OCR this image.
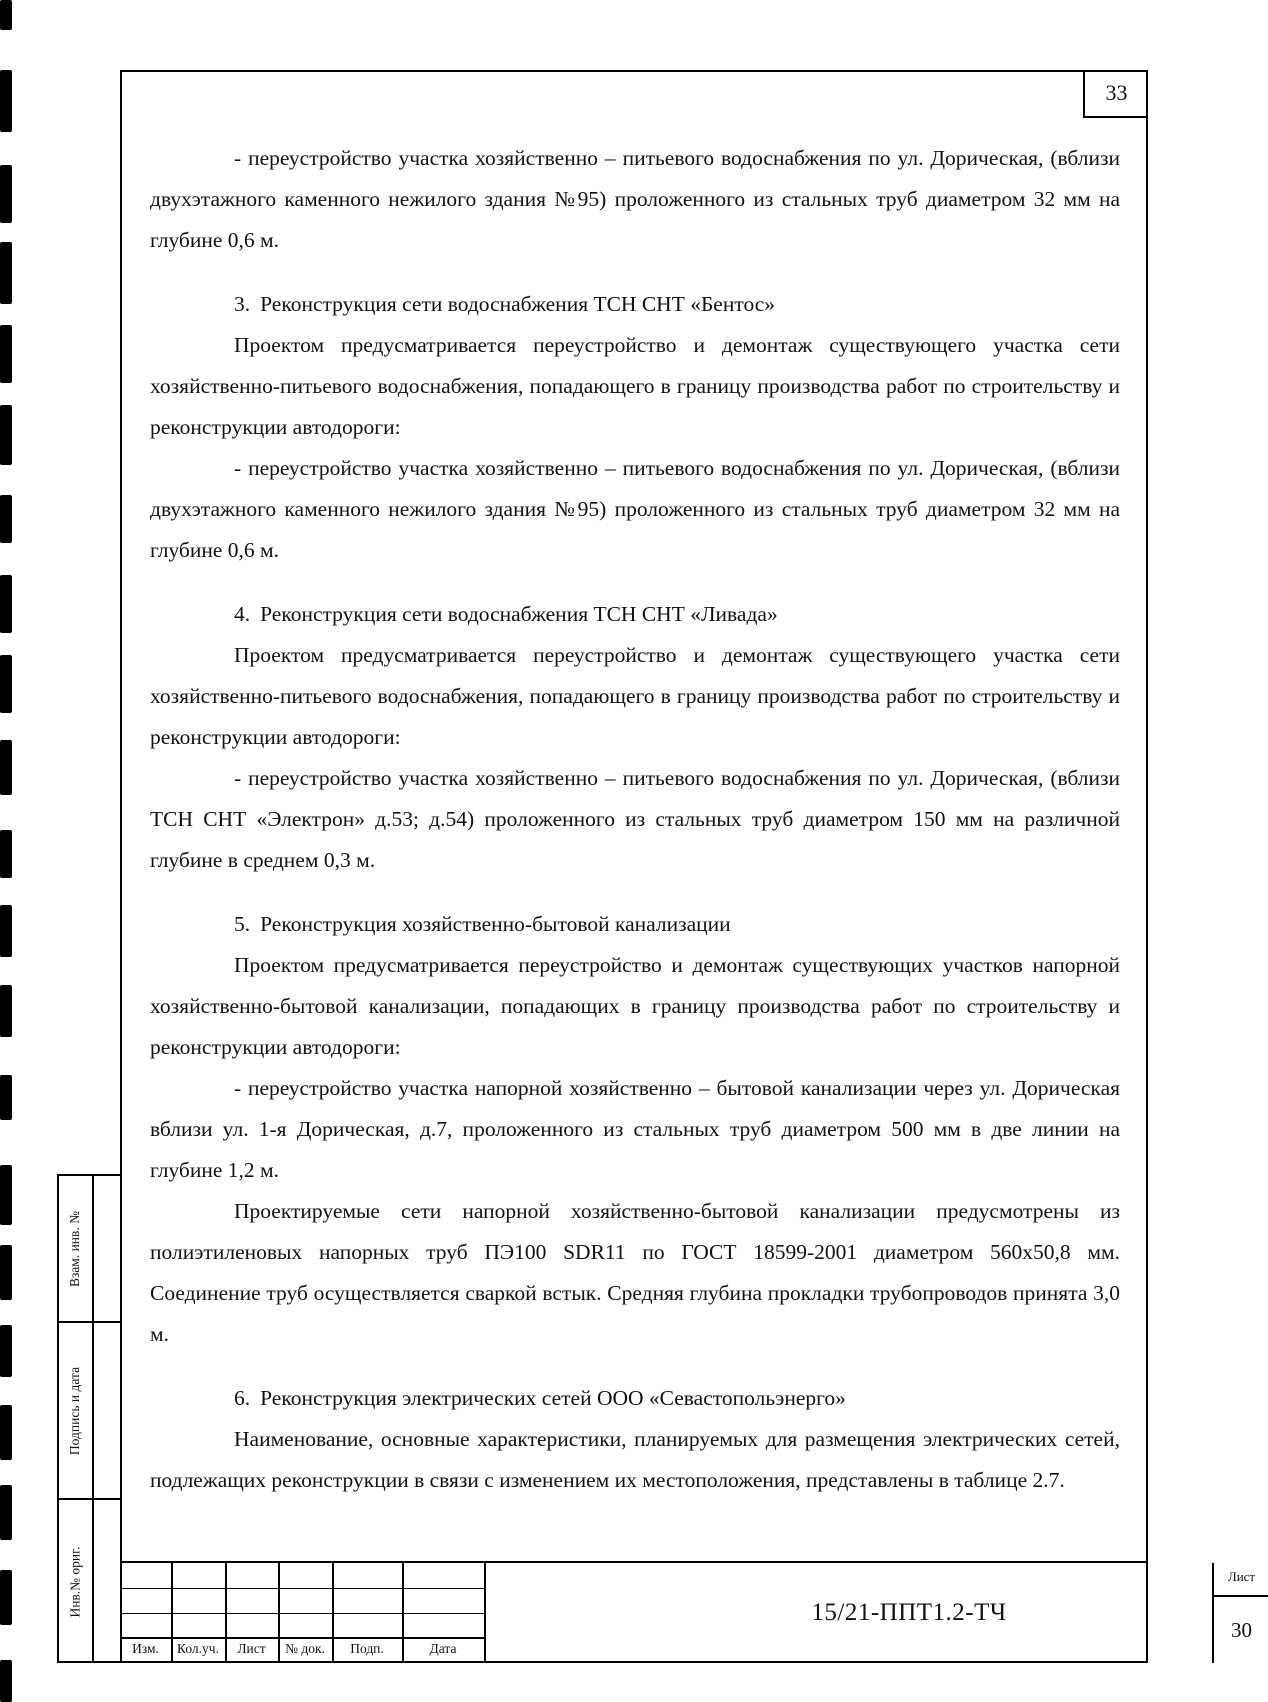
33

- переустройство участка хозяйственно – питьевого водоснабжения по ул. Дорическая, (вблизи двухэтажного каменного нежилого здания №95) проложенного из стальных труб диаметром 32 мм на глубине 0,6 м.

3. Реконструкция сети водоснабжения ТСН СНТ «Бентос»

Проектом предусматривается переустройство и демонтаж существующего участка сети хозяйственно-питьевого водоснабжения, попадающего в границу производства работ по строительству и реконструкции автодороги:

- переустройство участка хозяйственно – питьевого водоснабжения по ул. Дорическая, (вблизи двухэтажного каменного нежилого здания №95) проложенного из стальных труб диаметром 32 мм на глубине 0,6 м.

4. Реконструкция сети водоснабжения ТСН СНТ «Ливада»

Проектом предусматривается переустройство и демонтаж существующего участка сети хозяйственно-питьевого водоснабжения, попадающего в границу производства работ по строительству и реконструкции автодороги:

- переустройство участка хозяйственно – питьевого водоснабжения по ул. Дорическая, (вблизи ТСН СНТ «Электрон» д.53; д.54) проложенного из стальных труб диаметром 150 мм на различной глубине в среднем 0,3 м.

5. Реконструкция хозяйственно-бытовой канализации

Проектом предусматривается переустройство и демонтаж существующих участков напорной хозяйственно-бытовой канализации, попадающих в границу производства работ по строительству и реконструкции автодороги:

- переустройство участка напорной хозяйственно – бытовой канализации через ул. Дорическая вблизи ул. 1-я Дорическая, д.7, проложенного из стальных труб диаметром 500 мм в две линии на глубине 1,2 м.

Проектируемые сети напорной хозяйственно-бытовой канализации предусмотрены из полиэтиленовых напорных труб ПЭ100 SDR11 по ГОСТ 18599-2001 диаметром 560х50,8 мм. Соединение труб осуществляется сваркой встык. Средняя глубина прокладки трубопроводов принята 3,0 м.

6. Реконструкция электрических сетей ООО «Севастопольэнерго»

Наименование, основные характеристики, планируемых для размещения электрических сетей, подлежащих реконструкции в связи с изменением их местоположения, представлены в таблице 2.7.

Взам. инв. №
Подпись и дата
Инв.№ ориг.
Изм.	Кол.уч.	Лист	№ док.	Подп.	Дата
15/21-ППТ1.2-ТЧ
Лист
30
